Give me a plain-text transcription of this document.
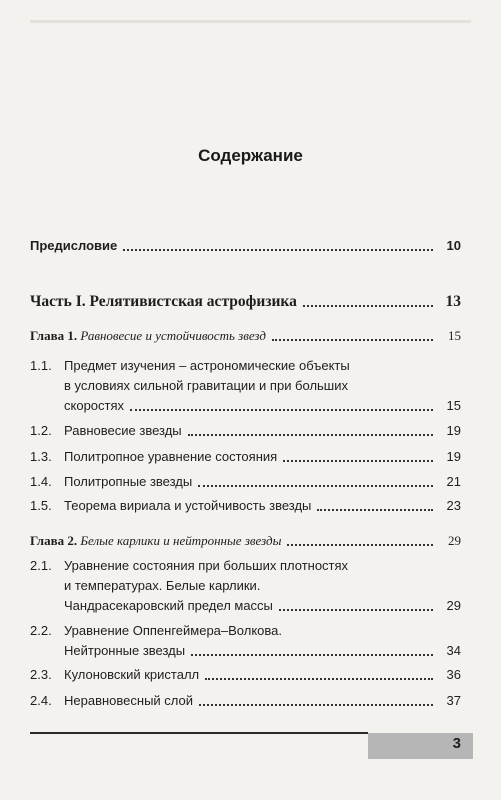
Содержание
Предисловие	10
Часть I. Релятивистская астрофизика	13
Глава 1. Равновесие и устойчивость звезд	15
1.1. Предмет изучения – астрономические объекты
в условиях сильной гравитации и при больших
скоростях	15
1.2. Равновесие звезды	19
1.3. Политропное уравнение состояния	19
1.4. Политропные звезды	21
1.5. Теорема вириала и устойчивость звезды	23
Глава 2. Белые карлики и нейтронные звезды	29
2.1. Уравнение состояния при больших плотностях
и температурах. Белые карлики.
Чандрасекаровский предел массы	29
2.2. Уравнение Оппенгеймера–Волкова.
Нейтронные звезды	34
2.3. Кулоновский кристалл	36
2.4. Неравновесный слой	37
3
